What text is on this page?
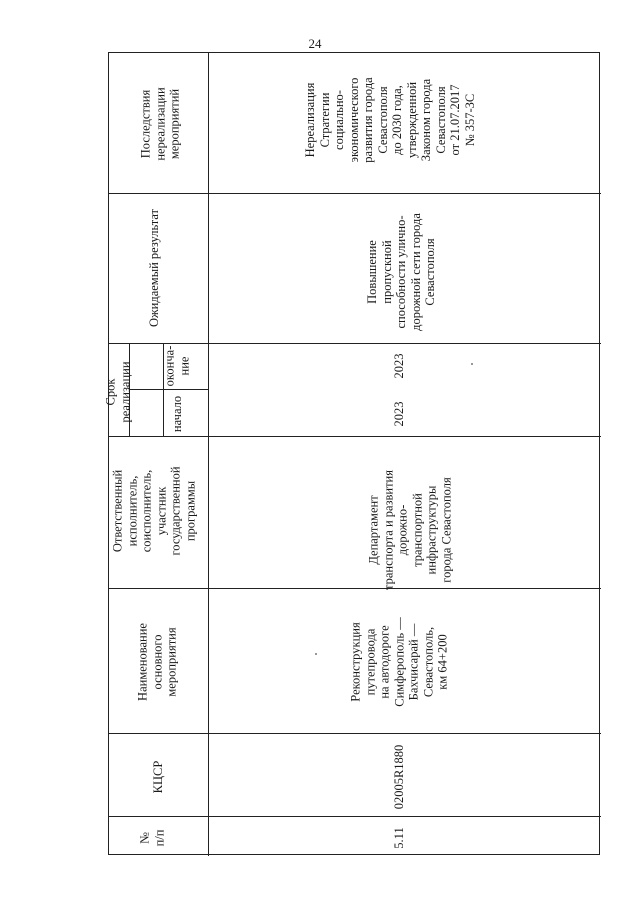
24
Последствия нереализации мероприятий
Ожидаемый результат
Срок реализации оконча- ние
начало
Ответственный исполнитель, соисполнитель, участник государственной программы
Наименование основного мероприятия
КЦСР
№ п/п
Нереализация Стратегии социально- экономического развития города Севастополя до 2030 года, утвержденной Законом города Севастополя от 21.07.2017 № 357-ЗС
Повышение пропускной способности улично- дорожной сети города Севастополя
2023
2023
Департамент транспорта и развития дорожно- транспортной инфраструктуры города Севастополя
Реконструкция путепровода на автодороге Симферополь — Бахчисарай — Севастополь, км 64+200
02005R1880
5.11
